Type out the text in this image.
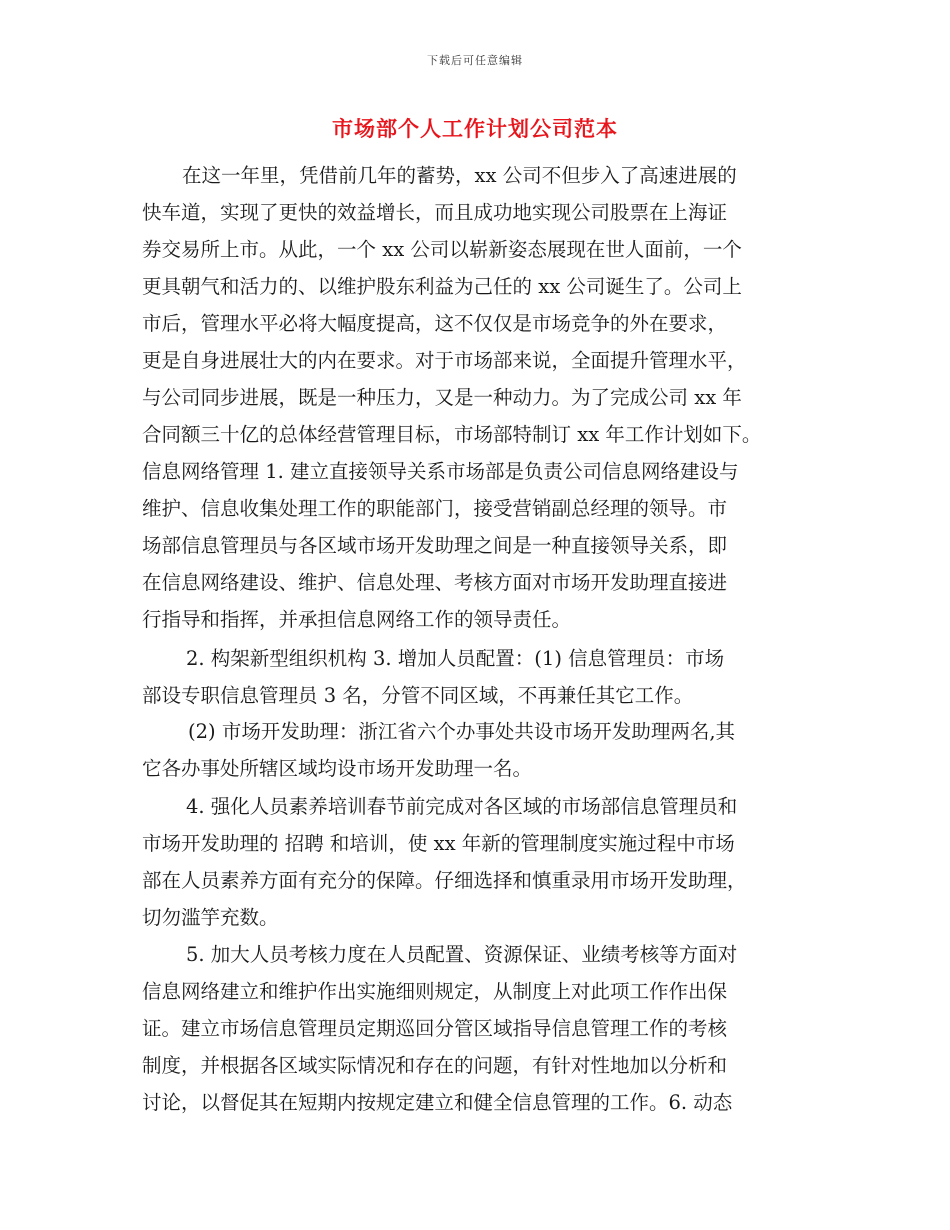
下载后可任意编辑
市场部个人工作计划公司范本
在这一年里，凭借前几年的蓄势，xx 公司不但步入了高速进展的
快车道，实现了更快的效益增长，而且成功地实现公司股票在上海证
券交易所上市。从此，一个 xx 公司以崭新姿态展现在世人面前，一个
更具朝气和活力的、以维护股东利益为己任的 xx 公司诞生了。公司上
市后，管理水平必将大幅度提高，这不仅仅是市场竞争的外在要求，
更是自身进展壮大的内在要求。对于市场部来说，全面提升管理水平，
与公司同步进展，既是一种压力，又是一种动力。为了完成公司 xx 年
合同额三十亿的总体经营管理目标，市场部特制订 xx 年工作计划如下。
信息网络管理 1. 建立直接领导关系市场部是负责公司信息网络建设与
维护、信息收集处理工作的职能部门，接受营销副总经理的领导。市
场部信息管理员与各区域市场开发助理之间是一种直接领导关系，即
在信息网络建设、维护、信息处理、考核方面对市场开发助理直接进
行指导和指挥，并承担信息网络工作的领导责任。
2. 构架新型组织机构 3. 增加人员配置：(1) 信息管理员：市场
部设专职信息管理员 3 名，分管不同区域，不再兼任其它工作。
(2) 市场开发助理：浙江省六个办事处共设市场开发助理两名,其
它各办事处所辖区域均设市场开发助理一名。
4. 强化人员素养培训春节前完成对各区域的市场部信息管理员和
市场开发助理的 招聘 和培训，使 xx 年新的管理制度实施过程中市场
部在人员素养方面有充分的保障。仔细选择和慎重录用市场开发助理，
切勿滥竽充数。
5. 加大人员考核力度在人员配置、资源保证、业绩考核等方面对
信息网络建立和维护作出实施细则规定，从制度上对此项工作作出保
证。建立市场信息管理员定期巡回分管区域指导信息管理工作的考核
制度，并根据各区域实际情况和存在的问题，有针对性地加以分析和
讨论，以督促其在短期内按规定建立和健全信息管理的工作。6. 动态
